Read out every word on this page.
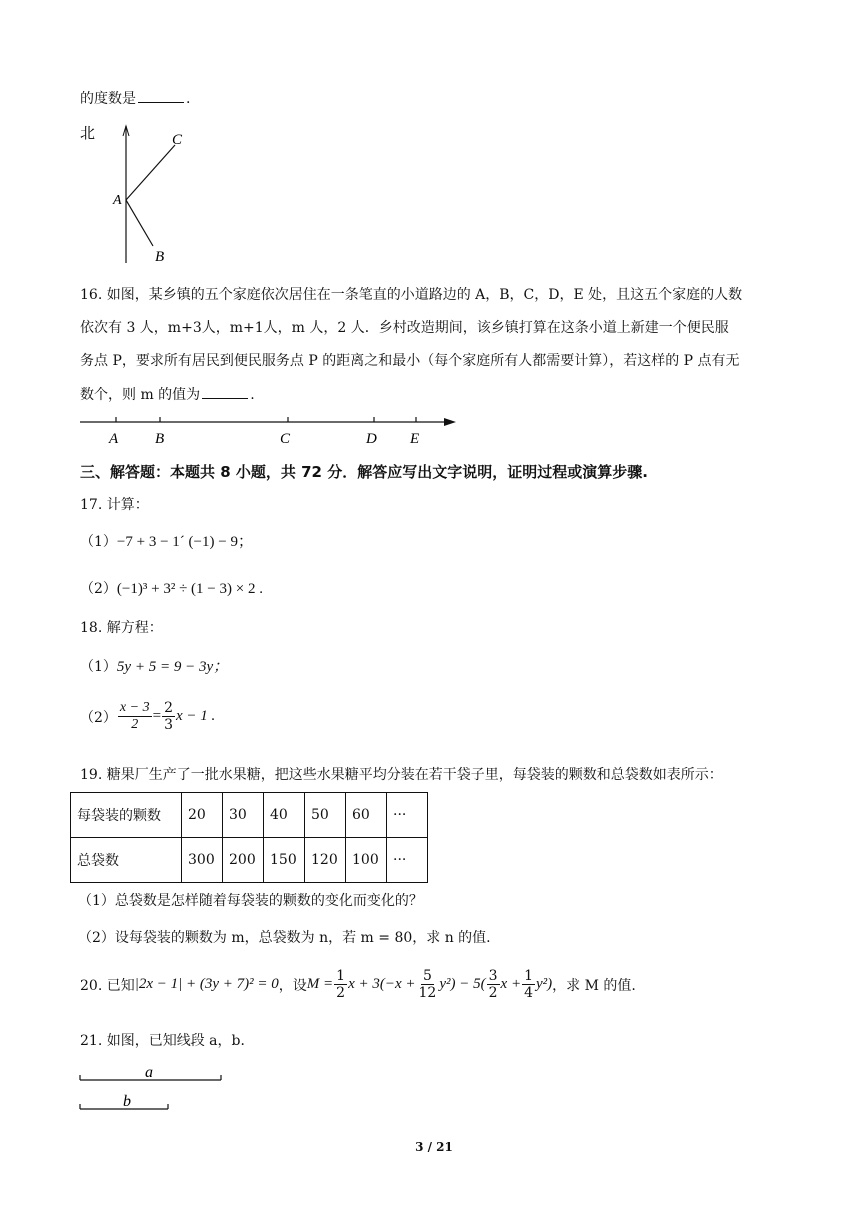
的度数是	.
北
A
C
B
16. 如图，某乡镇的五个家庭依次居住在一条笔直的小道路边的 A，B，C，D，E 处，且这五个家庭的人数
依次有 3 人，m+3人，m+1人，m 人，2 人．乡村改造期间，该乡镇打算在这条小道上新建一个便民服
务点 P，要求所有居民到便民服务点 P 的距离之和最小（每个家庭所有人都需要计算），若这样的 P 点有无
数个，则 m 的值为	.
A B	C	D E
三、解答题：本题共 8 小题，共 72 分．解答应写出文字说明，证明过程或演算步骤.
17. 计算：
（1）−7 + 3 − 1´ (−1) − 9；
（2）(−1)³ + 3² ÷ (1 − 3) × 2 .
18. 解方程：
（1）5y + 5 = 9 − 3y；
$(2) \frac{x - 3}{2} = \frac{2}{3}$ x − 1 .
19. 糖果厂生产了一批水果糖，把这些水果糖平均分装在若干袋子里，每袋装的颗数和总袋数如表所示：
每袋装的颗数	20	30	40	50	60	···
总袋数	300	200	150	120	100	···
（1）总袋数是怎样随着每袋装的颗数的变化而变化的？
（2）设每袋装的颗数为 m，总袋数为 n，若 m = 80，求 n 的值.
20. 已知 |2x − 1| + (3y + 7)² = 0 ，设 $M = \frac{1}{2}$ $x + 3(-x + \frac{5}{12} y^2) - 5( \frac{3}{2}$ $x + \frac{1}{4} y^2$) ，求 M 的值.
21. 如图，已知线段 a，b．
a
b
3 / 21
